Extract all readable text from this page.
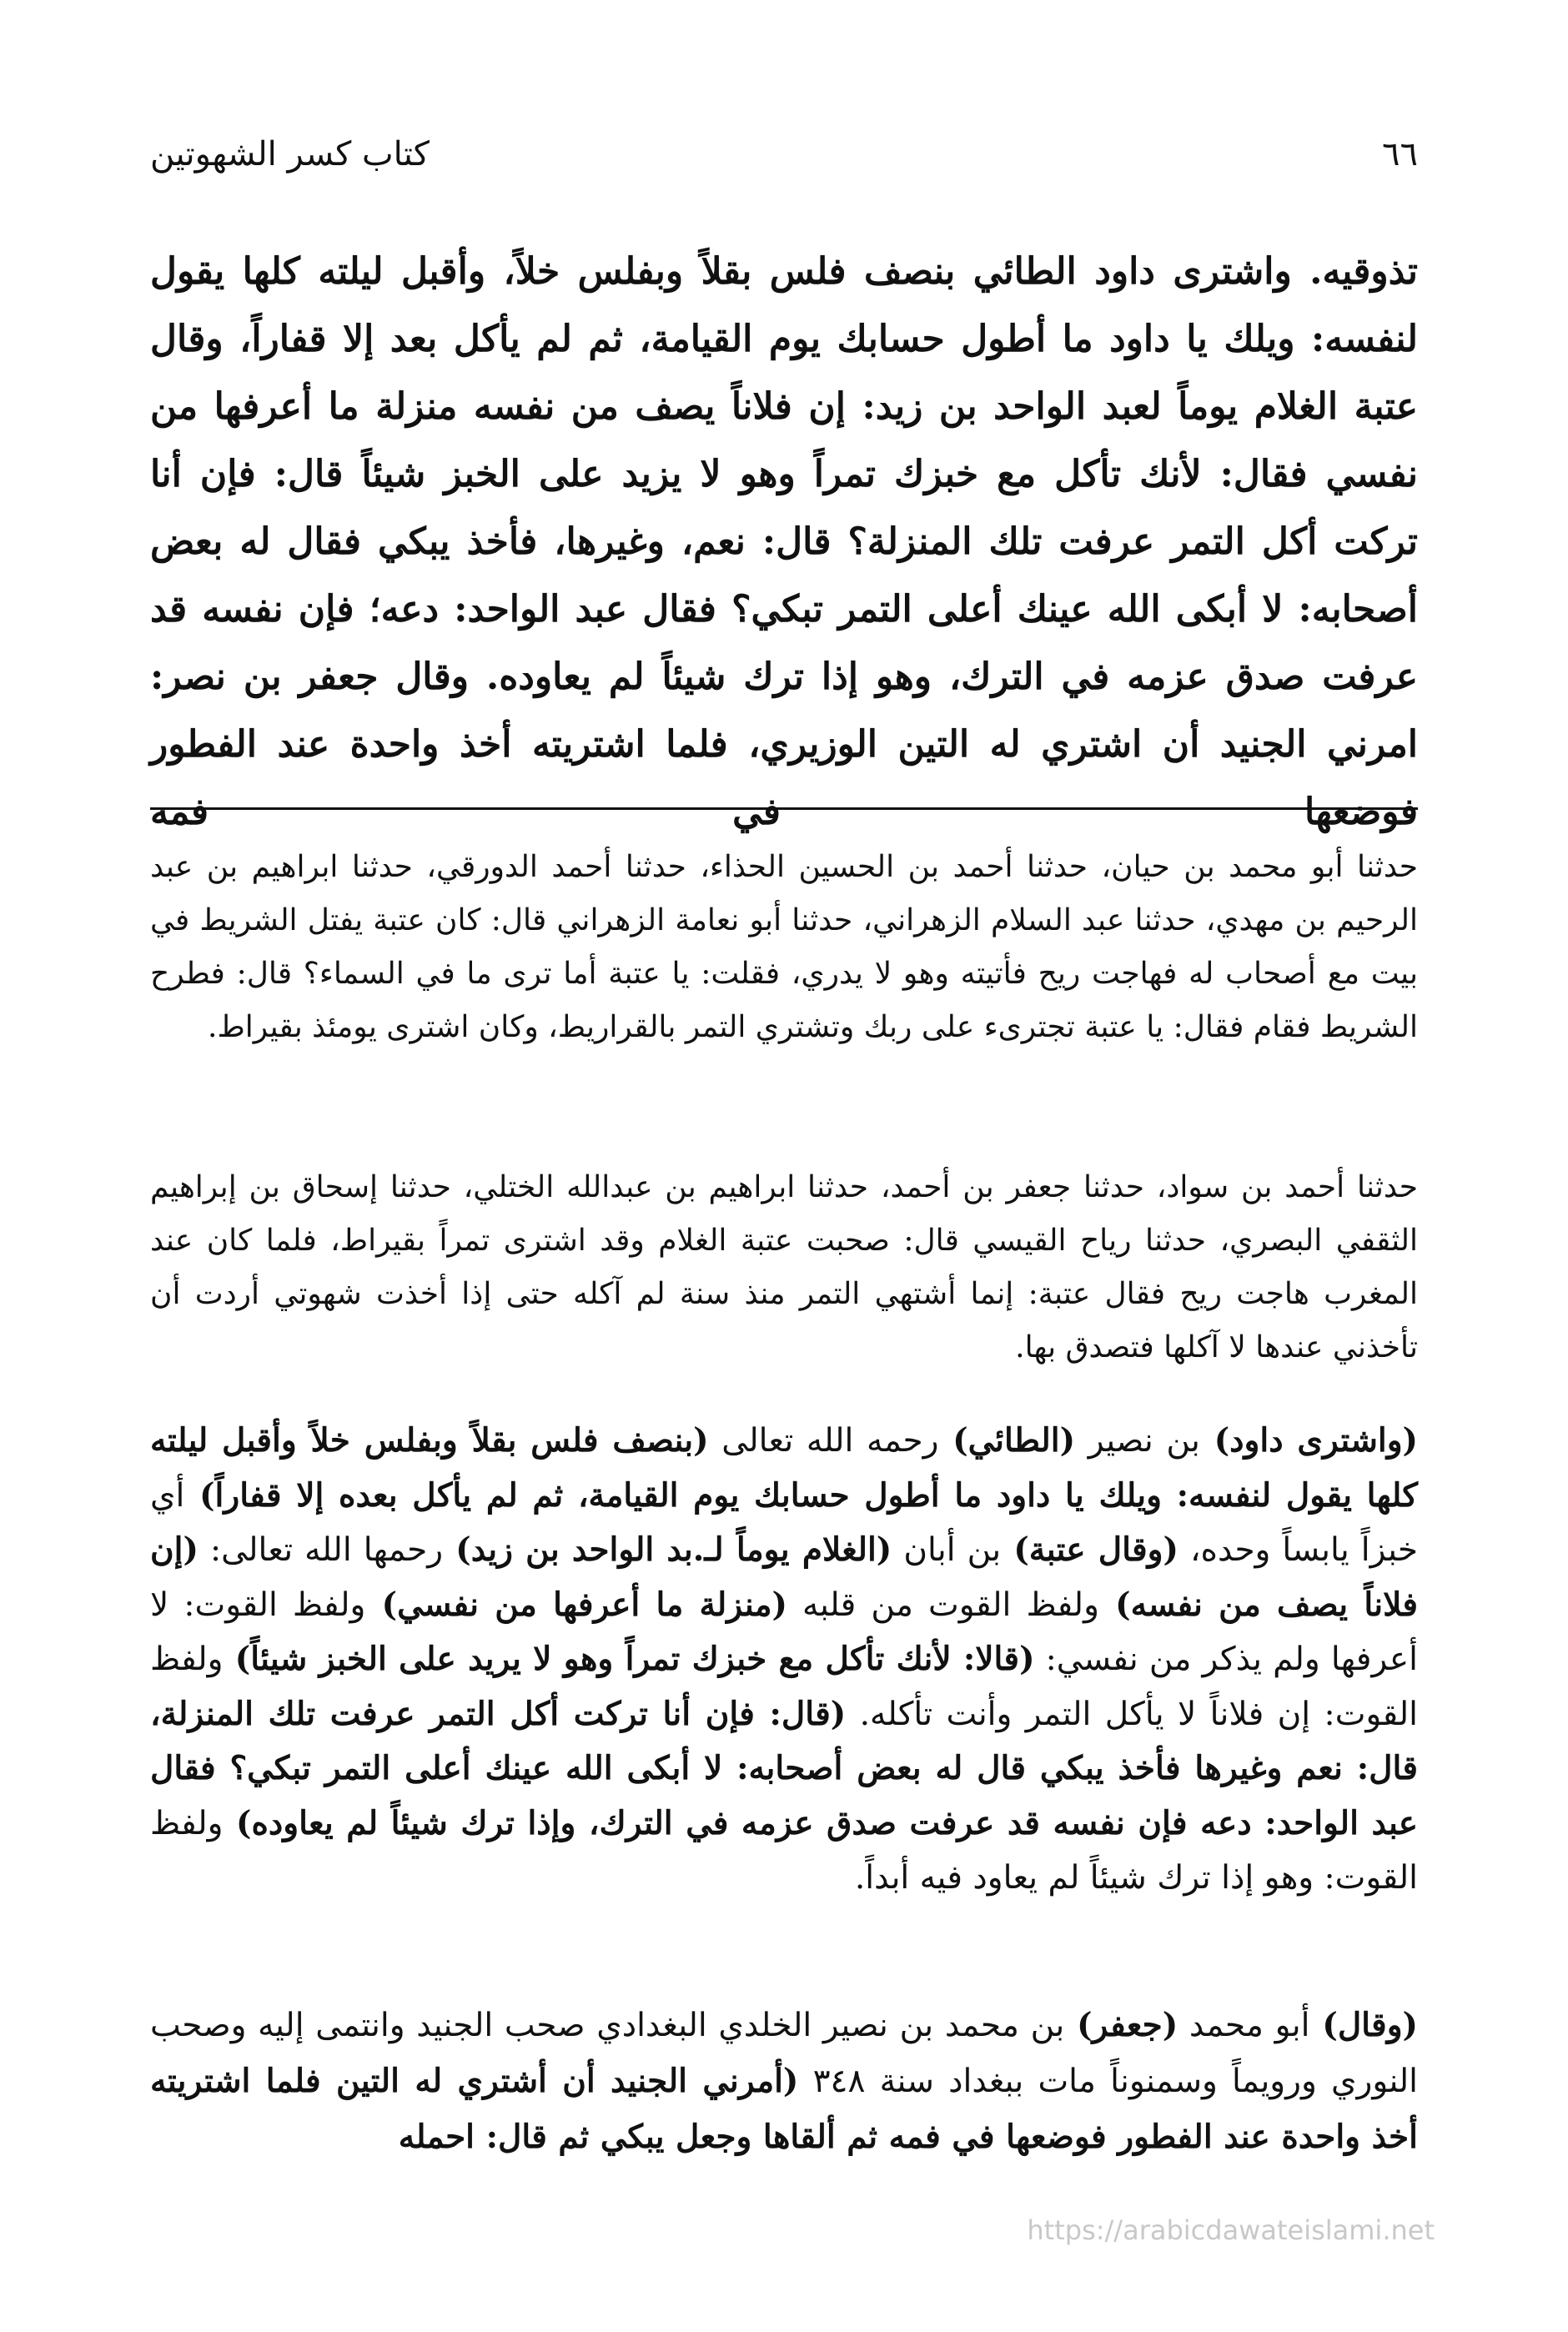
٦٦
كتاب كسر الشهوتين

تذوقيه. واشترى داود الطائي بنصف فلس بقلاً وبفلس خلاً، وأقبل ليلته كلها يقول لنفسه: ويلك يا داود ما أطول حسابك يوم القيامة، ثم لم يأكل بعد إلا قفاراً، وقال عتبة الغلام يوماً لعبد الواحد بن زيد: إن فلاناً يصف من نفسه منزلة ما أعرفها من نفسي فقال: لأنك تأكل مع خبزك تمراً وهو لا يزيد على الخبز شيئاً قال: فإن أنا تركت أكل التمر عرفت تلك المنزلة؟ قال: نعم، وغيرها، فأخذ يبكي فقال له بعض أصحابه: لا أبكى الله عينك أعلى التمر تبكي؟ فقال عبد الواحد: دعه؛ فإن نفسه قد عرفت صدق عزمه في الترك، وهو إذا ترك شيئاً لم يعاوده. وقال جعفر بن نصر: امرني الجنيد أن اشتري له التين الوزيري، فلما اشتريته أخذ واحدة عند الفطور فوضعها في فمه

حدثنا أبو محمد بن حيان، حدثنا أحمد بن الحسين الحذاء، حدثنا أحمد الدورقي، حدثنا ابراهيم بن عبد الرحيم بن مهدي، حدثنا عبد السلام الزهراني، حدثنا أبو نعامة الزهراني قال: كان عتبة يفتل الشريط في بيت مع أصحاب له فهاجت ريح فأتيته وهو لا يدري، فقلت: يا عتبة أما ترى ما في السماء؟ قال: فطرح الشريط فقام فقال: يا عتبة تجترىء على ربك وتشتري التمر بالقراريط، وكان اشترى يومئذ بقيراط.

حدثنا أحمد بن سواد، حدثنا جعفر بن أحمد، حدثنا ابراهيم بن عبدالله الختلي، حدثنا إسحاق بن إبراهيم الثقفي البصري، حدثنا رياح القيسي قال: صحبت عتبة الغلام وقد اشترى تمراً بقيراط، فلما كان عند المغرب هاجت ريح فقال عتبة: إنما أشتهي التمر منذ سنة لم آكله حتى إذا أخذت شهوتي أردت أن تأخذني عندها لا آكلها فتصدق بها.

(واشترى داود) بن نصير (الطائي) رحمه الله تعالى (بنصف فلس بقلاً وبفلس خلاً وأقبل ليلته كلها يقول لنفسه: ويلك يا داود ما أطول حسابك يوم القيامة، ثم لم يأكل بعده إلا قفاراً) أي خبزاً يابساً وحده، (وقال عتبة) بن أبان (الغلام يوماً لـ.بد الواحد بن زيد) رحمها الله تعالى: (إن فلاناً يصف من نفسه) ولفظ القوت من قلبه (منزلة ما أعرفها من نفسي) ولفظ القوت: لا أعرفها ولم يذكر من نفسي: (قالا: لأنك تأكل مع خبزك تمراً وهو لا يريد على الخبز شيئاً) ولفظ القوت: إن فلاناً لا يأكل التمر وأنت تأكله. (قال: فإن أنا تركت أكل التمر عرفت تلك المنزلة، قال: نعم وغيرها فأخذ يبكي قال له بعض أصحابه: لا أبكى الله عينك أعلى التمر تبكي؟ فقال عبد الواحد: دعه فإن نفسه قد عرفت صدق عزمه في الترك، وإذا ترك شيئاً لم يعاوده) ولفظ القوت: وهو إذا ترك شيئاً لم يعاود فيه أبداً.

(وقال) أبو محمد (جعفر) بن محمد بن نصير الخلدي البغدادي صحب الجنيد وانتمى إليه وصحب النوري ورويماً وسمنوناً مات ببغداد سنة ٣٤٨ (أمرني الجنيد أن أشتري له التين فلما اشتريته أخذ واحدة عند الفطور فوضعها في فمه ثم ألقاها وجعل يبكي ثم قال: احمله

https://arabicdawateislami.net
